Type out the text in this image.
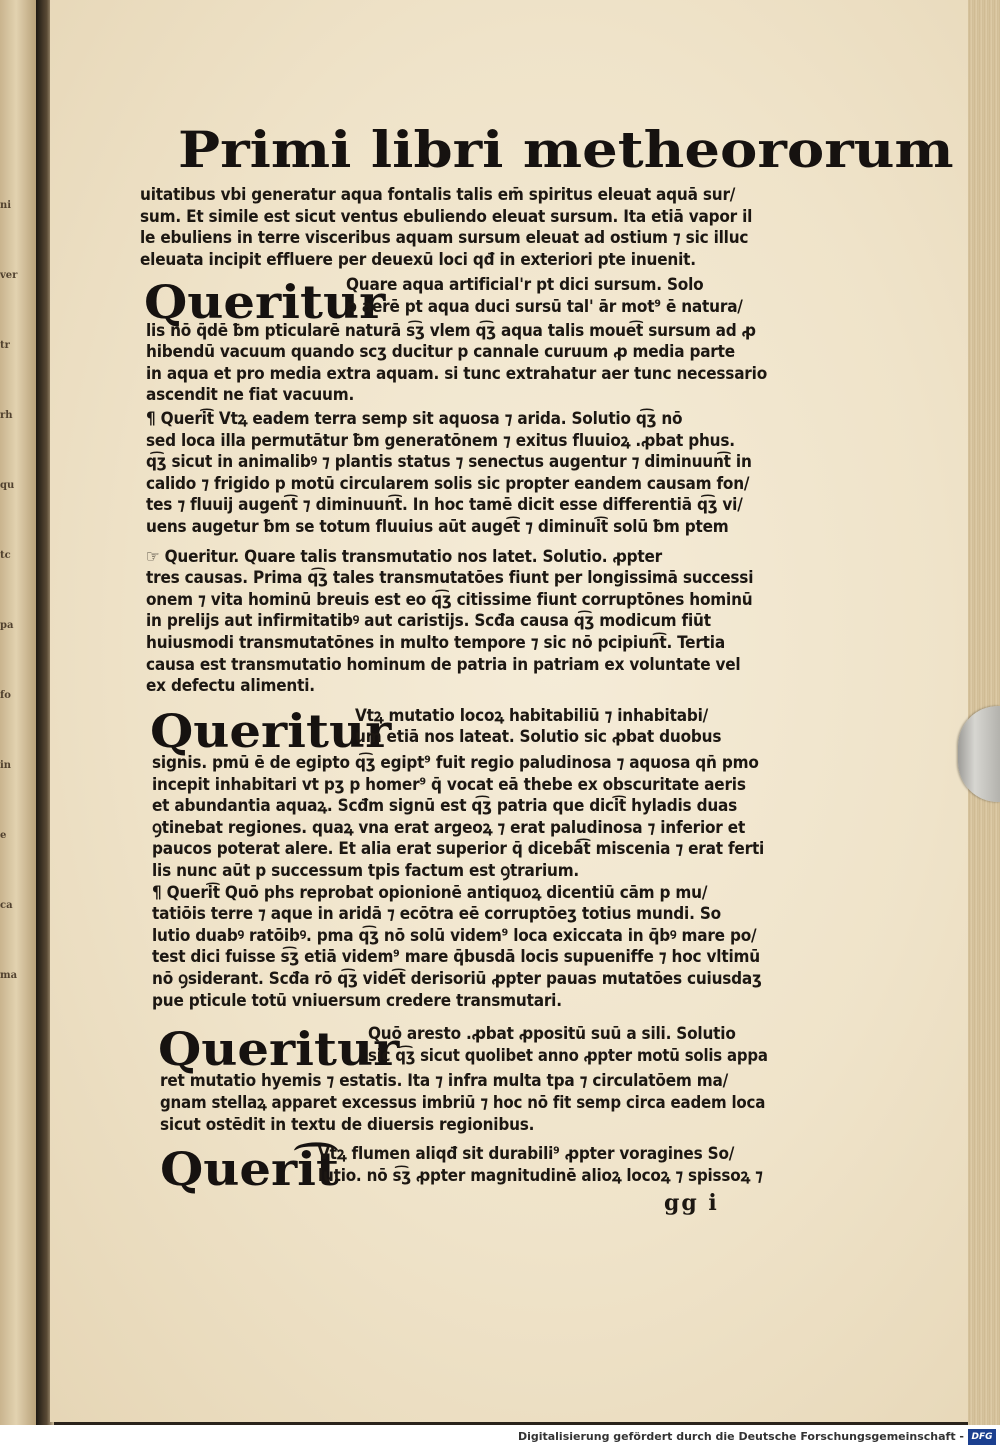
ni
ver
tr
rh
qu
tc
pa
fo
in
e
ca
ma
Primi libri metheororum
uitatibus vbi generatur aqua fontalis talis em̄ spiritus eleuat aquā sur/
sum. Et simile est sicut ventus ebuliendo eleuat sursum. Ita etiā vapor il
le ebuliens in terre visceribus aquam sursum eleuat ad ostium ⁊ sic illuc
eleuata incipit effluere per deuexū loci qđ in exteriori pte inuenit.
Queritur
Quare aqua artificial'r pt dici sursum. Solo
p aerē pt aqua duci sursū tal' ār mot⁹ ē natura/
lis nō q̄dē ƀm pticularē naturā s͡ʒ vlem q͡ʒ aqua talis moue͡t sursum ad ꝓ
hibendū vacuum quando scʒ ducitur p cannale curuum ꝓ media parte
in aqua et pro media extra aquam. si tunc extrahatur aer tunc necessario
ascendit ne fiat vacuum.
¶ Queri͡t Vtꝝ eadem terra semp sit aquosa ⁊ arida. Solutio q͡ʒ nō
sed loca illa permutātur ƀm generatōnem ⁊ exitus fluuioꝝ .ꝓbat phus.
q͡ʒ sicut in animalibꝰ ⁊ plantis status ⁊ senectus augentur ⁊ diminuun͡t in
calido ⁊ frigido p motū circularem solis sic propter eandem causam fon/
tes ⁊ fluuij augen͡t ⁊ diminuun͡t. In hoc tamē dicit esse differentiā q͡ʒ vi/
uens augetur ƀm se totum fluuius aūt auge͡t ⁊ diminui͡t solū ƀm ptem
☞ Queritur. Quare talis transmutatio nos latet. Solutio. ꝓpter
tres causas. Prima q͡ʒ tales transmutatōes fiunt per longissimā successi
onem ⁊ vita hominū breuis est eo q͡ʒ citissime fiunt corruptōnes hominū
in prelijs aut infirmitatibꝰ aut caristijs. Scđa causa q͡ʒ modicum fiūt
huiusmodi transmutatōnes in multo tempore ⁊ sic nō pcipiun͡t. Tertia
causa est transmutatio hominum de patria in patriam ex voluntate vel
ex defectu alimenti.
Queritur
Vtꝝ mutatio locoꝝ habitabiliū ⁊ inhabitabi/
um etiā nos lateat. Solutio sic ꝓbat duobus
signis. pmū ē de egipto q͡ʒ egipt⁹ fuit regio paludinosa ⁊ aquosa qn̄ pmo
incepit inhabitari vt pʒ p homer⁹ q̄ vocat eā thebe ex obscuritate aeris
et abundantia aquaꝝ. Scđm signū est q͡ʒ patria que dici͡t hyladis duas
ꝯtinebat regiones. quaꝝ vna erat argeoꝝ ⁊ erat paludinosa ⁊ inferior et
paucos poterat alere. Et alia erat superior q̄ dicebā͡t miscenia ⁊ erat ferti
lis nunc aūt p successum tpis factum est ꝯtrarium.
¶ Queri͡t Quō phs reprobat opionionē antiquoꝝ dicentiū cām p mu/
tatiōis terre ⁊ aque in aridā ⁊ ecōtra eē corruptōeʒ totius mundi. So
lutio duabꝰ ratōibꝰ. pma q͡ʒ nō solū videm⁹ loca exiccata in q̄bꝰ mare po/
test dici fuisse s͡ʒ etiā videm⁹ mare q̄busdā locis supueniffe ⁊ hoc vltimū
nō ꝯsiderant. Scđa rō q͡ʒ vide͡t derisoriū ꝓpter pauas mutatōes cuiusdaʒ
pue pticule totū vniuersum credere transmutari.
Queritur
Quō aresto .ꝓbat ꝓpositū suū a sili. Solutio
sic q͡ʒ sicut quolibet anno ꝓpter motū solis appa
ret mutatio hyemis ⁊ estatis. Ita ⁊ infra multa tpa ⁊ circulatōem ma/
gnam stellaꝝ apparet excessus imbriū ⁊ hoc nō fit semp circa eadem loca
sicut ostēdit in textu de diuersis regionibus.
Queri͡t
Vtꝝ flumen aliqđ sit durabili⁹ ꝓpter voragines So/
lutio. nō s͡ʒ ꝓpter magnitudinē alioꝝ locoꝝ ⁊ spissoꝝ ⁊
gg i
Digitalisierung gefördert durch die Deutsche Forschungsgemeinschaft - DFG
